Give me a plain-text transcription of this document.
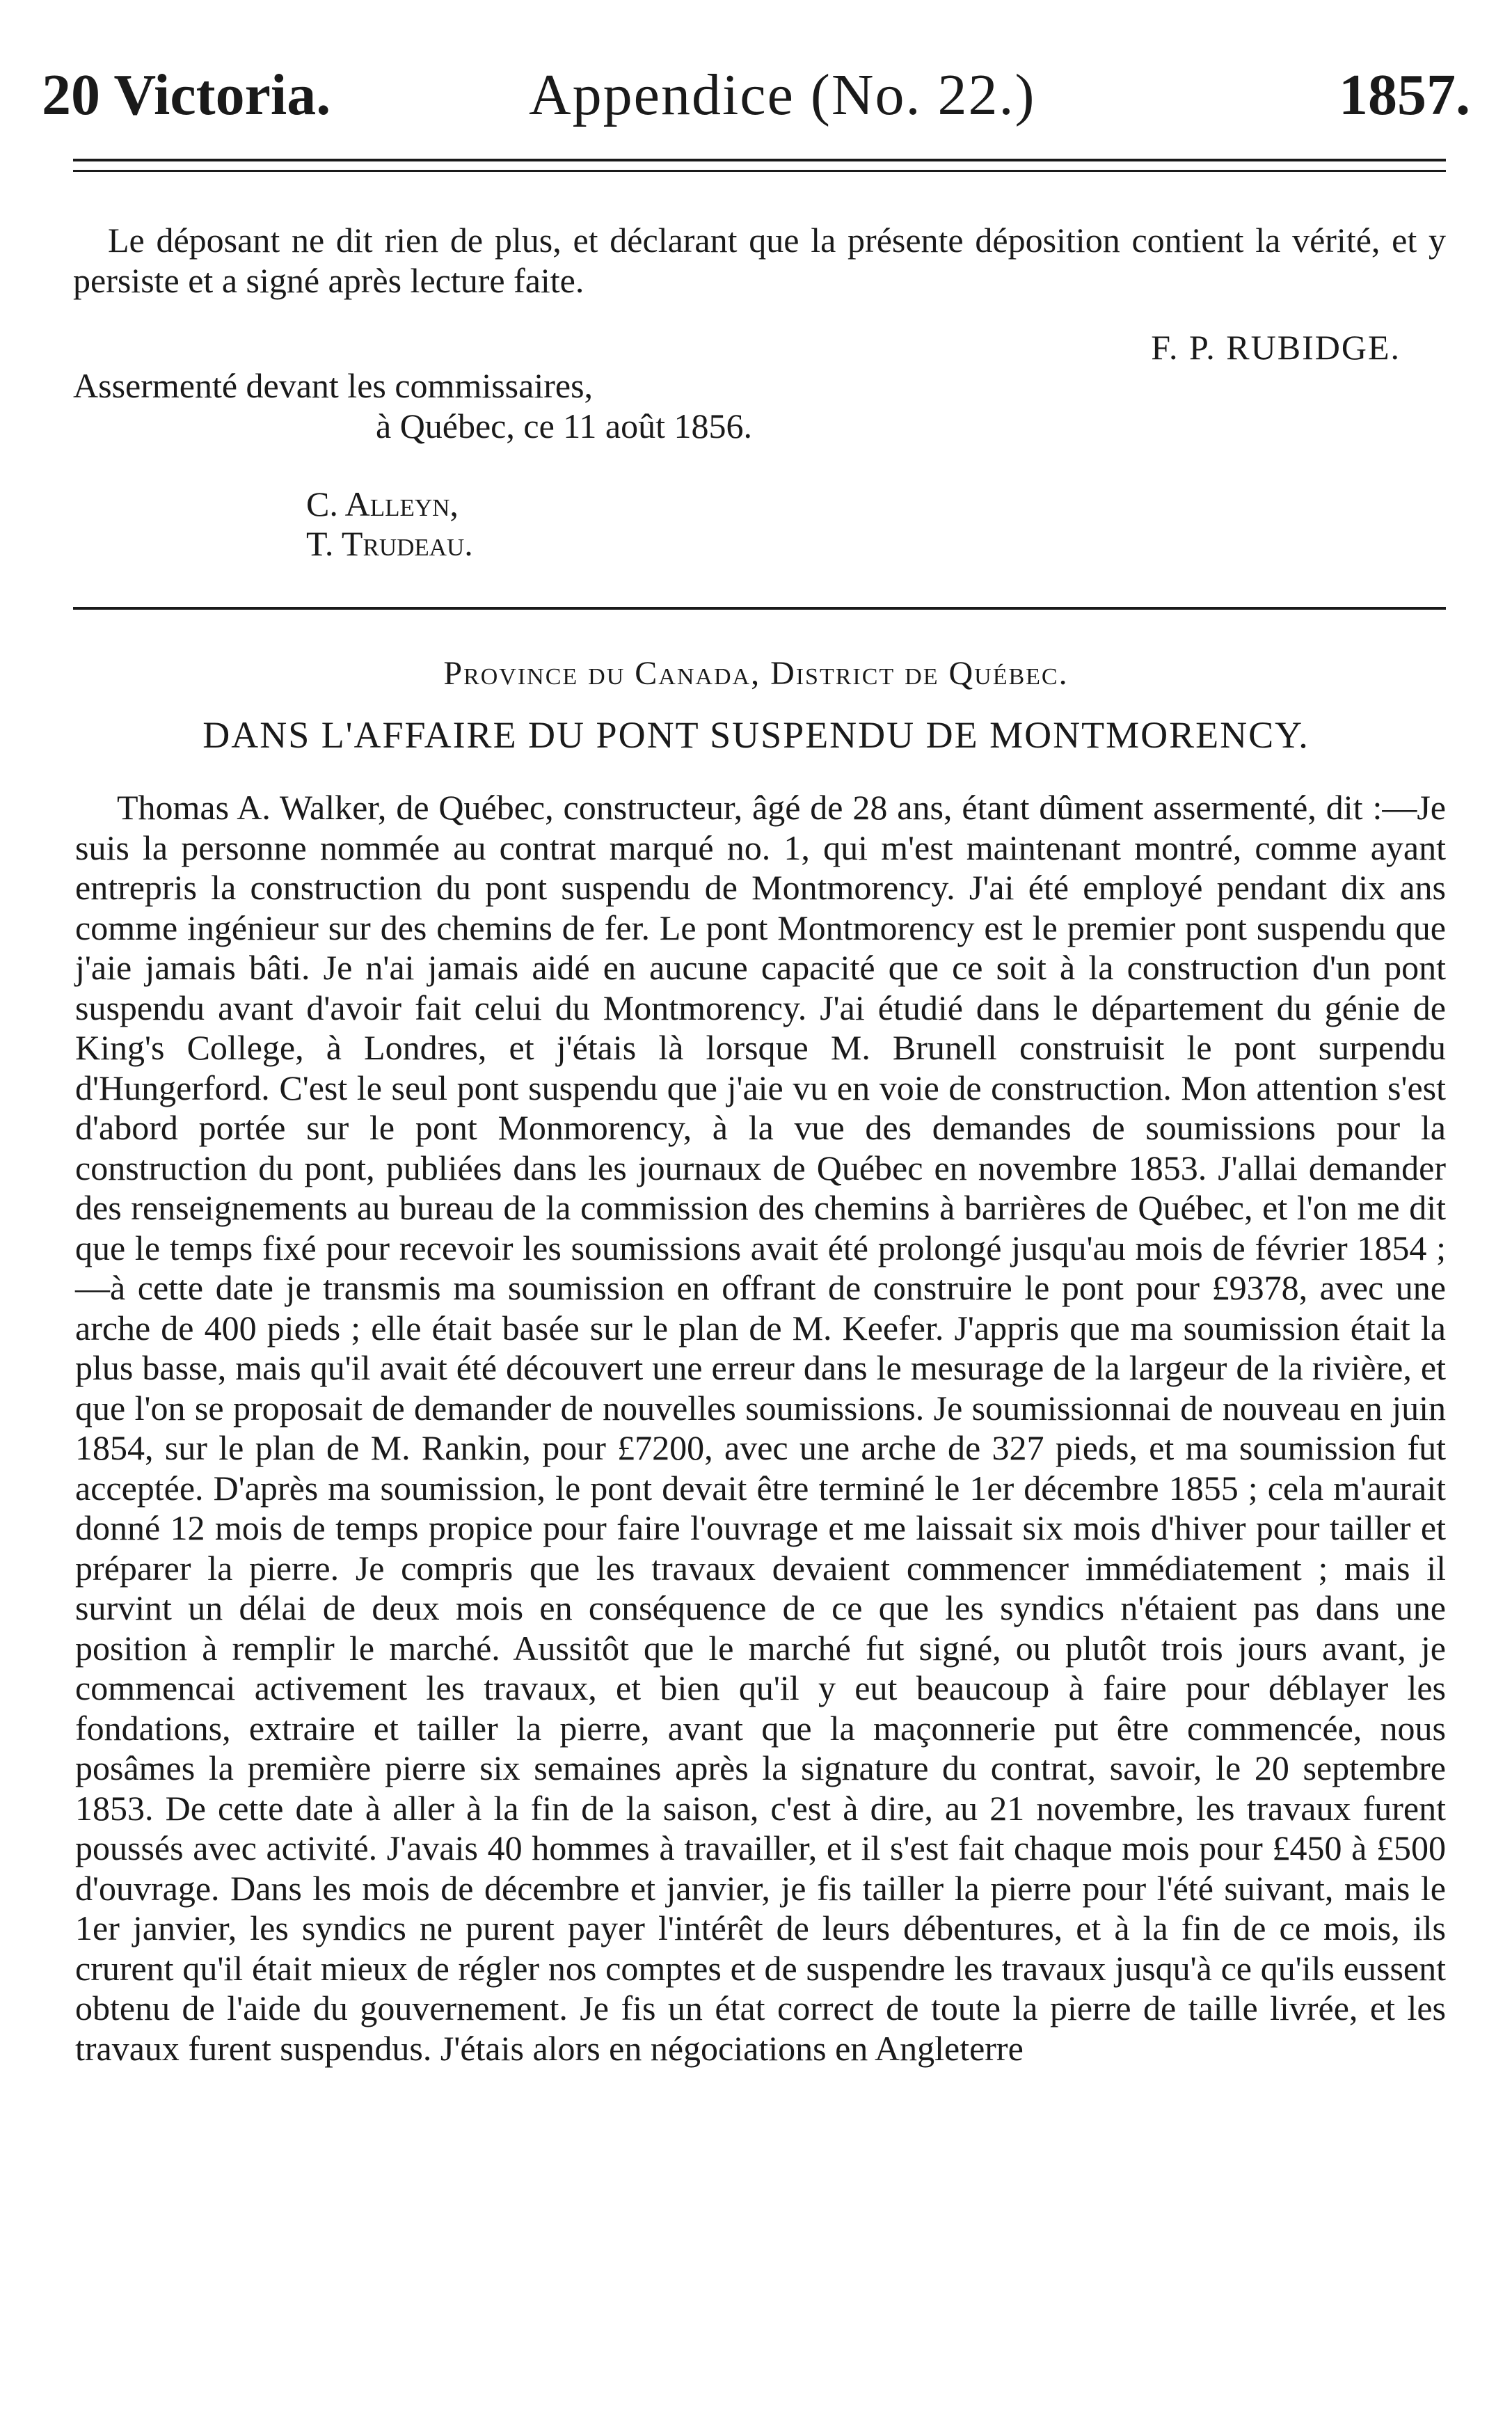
20 Victoria.	Appendice (No. 22.)	1857.
Le déposant ne dit rien de plus, et déclarant que la présente déposition contient la vérité, et y persiste et a signé après lecture faite.
F. P. RUBIDGE.
Assermenté devant les commissaires,
à Québec, ce 11 août 1856.
C. Alleyn,
T. Trudeau.
Province du Canada, District de Québec.
DANS L'AFFAIRE DU PONT SUSPENDU DE MONTMORENCY.
Thomas A. Walker, de Québec, constructeur, âgé de 28 ans, étant dûment assermenté, dit :—Je suis la personne nommée au contrat marqué no. 1, qui m'est maintenant montré, comme ayant entrepris la construction du pont suspendu de Montmorency. J'ai été employé pendant dix ans comme ingénieur sur des chemins de fer. Le pont Montmorency est le premier pont suspendu que j'aie jamais bâti. Je n'ai jamais aidé en aucune capacité que ce soit à la construction d'un pont suspendu avant d'avoir fait celui du Montmorency. J'ai étudié dans le département du génie de King's College, à Londres, et j'étais là lorsque M. Brunell construisit le pont surpendu d'Hungerford. C'est le seul pont suspendu que j'aie vu en voie de construction. Mon attention s'est d'abord portée sur le pont Monmorency, à la vue des demandes de soumissions pour la construction du pont, publiées dans les journaux de Québec en novembre 1853. J'allai demander des renseignements au bureau de la commission des chemins à barrières de Québec, et l'on me dit que le temps fixé pour recevoir les soumissions avait été prolongé jusqu'au mois de février 1854 ;—à cette date je transmis ma soumission en offrant de construire le pont pour £9378, avec une arche de 400 pieds ; elle était basée sur le plan de M. Keefer. J'appris que ma soumission était la plus basse, mais qu'il avait été découvert une erreur dans le mesurage de la largeur de la rivière, et que l'on se proposait de demander de nouvelles soumissions. Je soumissionnai de nouveau en juin 1854, sur le plan de M. Rankin, pour £7200, avec une arche de 327 pieds, et ma soumission fut acceptée. D'après ma soumission, le pont devait être terminé le 1er décembre 1855 ; cela m'aurait donné 12 mois de temps propice pour faire l'ouvrage et me laissait six mois d'hiver pour tailler et préparer la pierre. Je compris que les travaux devaient commencer immédiatement ; mais il survint un délai de deux mois en conséquence de ce que les syndics n'étaient pas dans une position à remplir le marché. Aussitôt que le marché fut signé, ou plutôt trois jours avant, je commencai activement les travaux, et bien qu'il y eut beaucoup à faire pour déblayer les fondations, extraire et tailler la pierre, avant que la maçonnerie put être commencée, nous posâmes la première pierre six semaines après la signature du contrat, savoir, le 20 septembre 1853. De cette date à aller à la fin de la saison, c'est à dire, au 21 novembre, les travaux furent poussés avec activité. J'avais 40 hommes à travailler, et il s'est fait chaque mois pour £450 à £500 d'ouvrage. Dans les mois de décembre et janvier, je fis tailler la pierre pour l'été suivant, mais le 1er janvier, les syndics ne purent payer l'intérêt de leurs débentures, et à la fin de ce mois, ils crurent qu'il était mieux de régler nos comptes et de suspendre les travaux jusqu'à ce qu'ils eussent obtenu de l'aide du gouvernement. Je fis un état correct de toute la pierre de taille livrée, et les travaux furent suspendus. J'étais alors en négociations en Angleterre
